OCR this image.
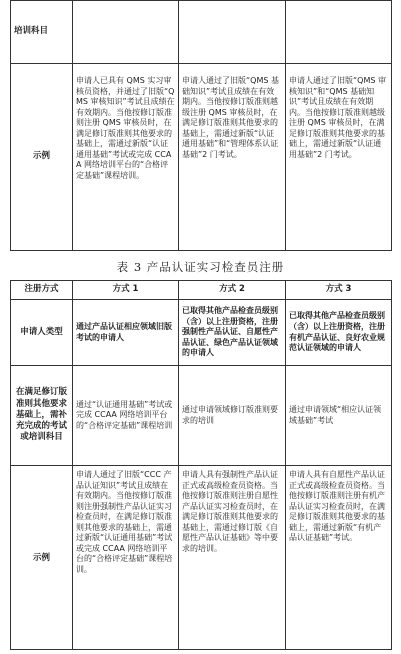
培训科目			
示例	申请人已具有 QMS 实习审核员资格，并通过了旧版“QMS 审核知识”考试且成绩在有效期内。当他按修订版准则注册 QMS 审核员时，在满足修订版准则其他要求的基础上，需通过新版“认证通用基础”考试或完成 CCAA 网络培训平台的“合格评定基础”课程培训。	申请人通过了旧版“QMS 基础知识”考试且成绩在有效期内。当他按修订版准则越级注册 QMS 审核员时，在满足修订版准则其他要求的基础上，需通过新版“认证通用基础”和“管理体系认证基础”2 门考试。	申请人通过了旧版“QMS 审核知识”和“QMS 基础知识”考试且成绩在有效期内。当他按修订版准则越级注册 QMS 审核员时，在满足修订版准则其他要求的基础上，需通过新版“认证通用基础”2 门考试。
表 3 产品认证实习检查员注册
注册方式	方式 1	方式 2	方式 3
申请人类型	通过产品认证相应领域旧版考试的申请人	已取得其他产品检查员级别（含）以上注册资格，注册强制性产品认证、自愿性产品认证、绿色产品认证领域的申请人	已取得其他产品检查员级别（含）以上注册资格，注册有机产品认证、良好农业规范认证领域的申请人
在满足修订版准则其他要求基础上，需补充完成的考试或培训科目	通过“认证通用基础”考试或完成 CCAA 网络培训平台的“合格评定基础”课程培训	通过申请领域修订版准则要求的培训	通过申请领域“相应认证领域基础”考试
示例	申请人通过了旧版“CCC 产品认证知识”考试且成绩在有效期内。当他按修订版准则注册强制性产品认证实习检查员时，在满足修订版准则其他要求的基础上，需通过新版“认证通用基础”考试或完成 CCAA 网络培训平台的“合格评定基础”课程培训。	申请人具有强制性产品认证正式或高级检查员资格。当他按修订版准则注册自愿性产品认证实习检查员时，在满足修订版准则其他要求的基础上，需通过修订版《自愿性产品认证基础》等中要求的培训。	申请人具有自愿性产品认证正式或高级检查员资格。当他按修订版准则注册有机产品认证实习检查员时，在满足修订版准则其他要求的基础上，需通过新版“有机产品认证基础”考试。
